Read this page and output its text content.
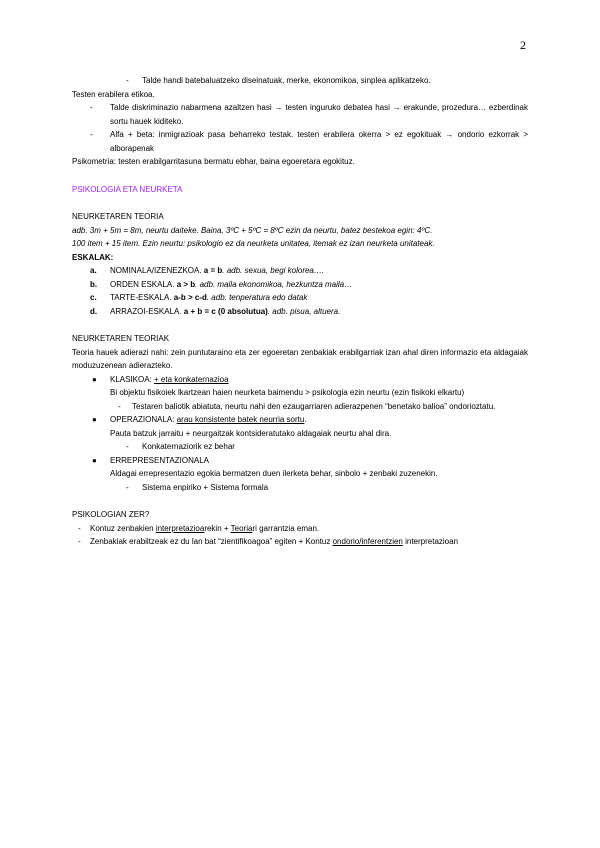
2
- Talde handi batebaluatzeko diseinatuak, merke, ekonomikoa, sinplea aplikatzeko.
Testen erabilera etikoa.
- Talde diskriminazio nabarmena azaltzen hasi → testen inguruko debatea hasi → erakunde, prozedura… ezberdinak sortu hauek kiditeko.
- Alfa + beta: inmigrazioak pasa beharreko testak. testen erabilera okerra > ez egokituak → ondorio ezkorrak > alborapenak
Psikometria: testen erabilgarritasuna bermatu ebhar, baina egoeretara egokituz.
PSIKOLOGIA ETA NEURKETA
NEURKETAREN TEORIA
adb. 3m + 5m = 8m, neurtu daiteke. Baina, 3ºC + 5ºC = 8ºC ezin da neurtu, batez bestekoa egin: 4ºC.
100 item + 15 item. Ezin neurtu: psikologio ez da neurketa unitatea, itemak ez izan neurketa unitateak.
ESKALAK:
a. NOMINALA/IZENEZKOA. a = b. adb. sexua, begi kolorea….
b. ORDEN ESKALA. a > b. adb. maila ekonomikoa, hezkuntza maila…
c. TARTE-ESKALA. a-b > c-d. adb. tenperatura edo datak
d. ARRAZOI-ESKALA. a + b = c (0 absolutua). adb. pisua, altuera.
NEURKETAREN TEORIAK
Teoria hauek adierazi nahi: zein puntutaraino eta zer egoeretan zenbakiak erabilgarriak izan ahal diren informazio eta aldagaiak moduzuzenean adierazteko.
● KLASIKOA: + eta konkaternazioa
Bi objektu fisikoiek lkartzean haien neurketa baimendu > psikologia ezin neurtu (ezin fisikoki elkartu)
- Testaren baliotik abiatuta, neurtu nahi den ezaugarriaren adierazpenen “benetako balioa” ondorioztatu.
● OPERAZIONALA: arau konsistente batek neurria sortu.
Pauta batzuk jarraitu + neurgaitzak kontsideratutako aldagaiak neurtu ahal dira.
- Konkaternaziorik ez behar
● ERREPRESENTAZIONALA
Aldagai errepresentazio egokia bermatzen duen ilerketa behar, sinbolo + zenbaki zuzenekin.
- Sistema enpiriko + Sistema formala
PSIKOLOGIAN ZER?
- Kontuz zenbakien interpretazioarekin + Teoriari garrantzia eman.
- Zenbakiak erabiltzeak ez du lan bat “zientifikoagoa” egiten + Kontuz ondorio/inferentzien interpretazioan
